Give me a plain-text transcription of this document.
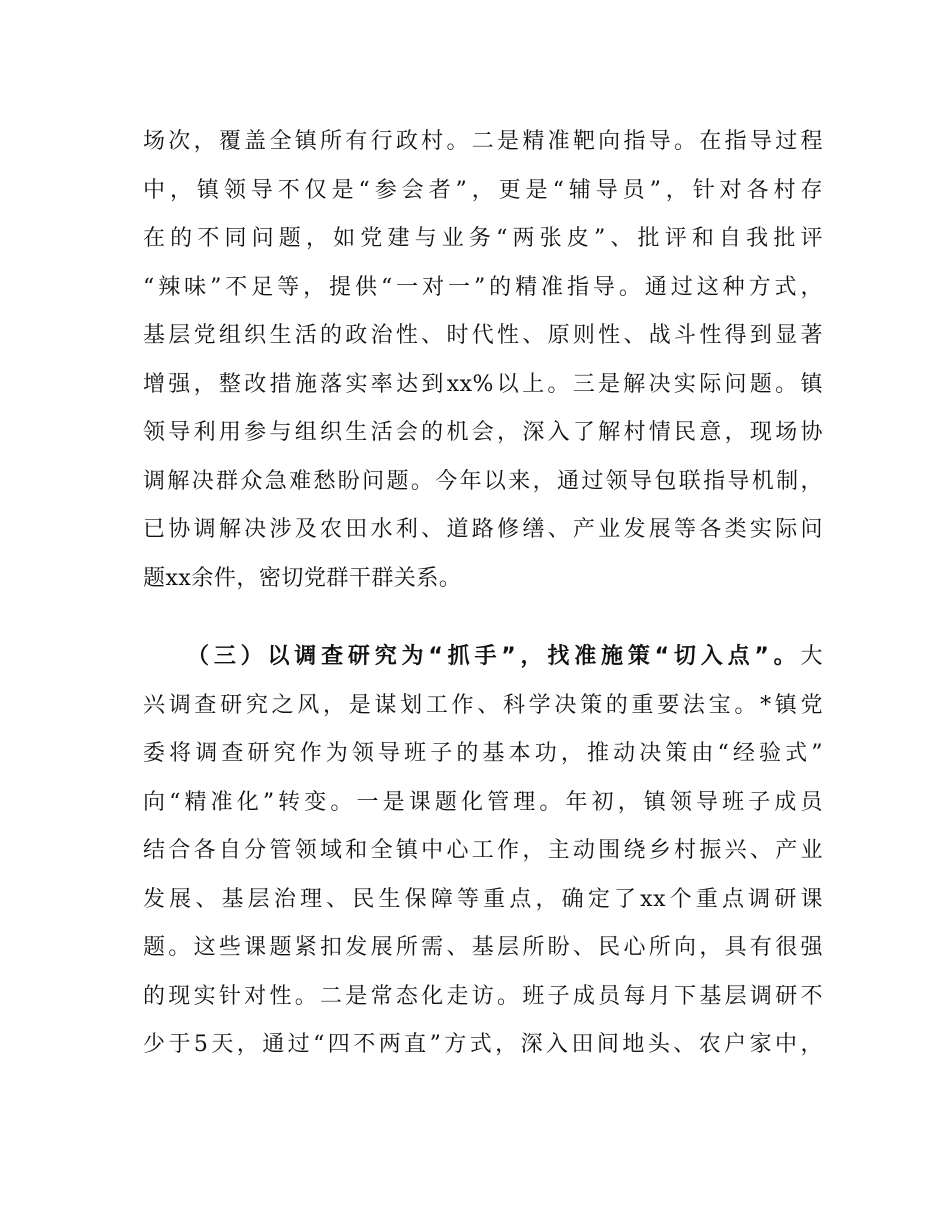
场次，覆盖全镇所有行政村。二是精准靶向指导。在指导过程
中，镇领导不仅是“参会者”，更是“辅导员”，针对各村存
在的不同问题，如党建与业务“两张皮”、批评和自我批评
“辣味”不足等，提供“一对一”的精准指导。通过这种方式，
基层党组织生活的政治性、时代性、原则性、战斗性得到显著
增强，整改措施落实率达到xx%以上。三是解决实际问题。镇
领导利用参与组织生活会的机会，深入了解村情民意，现场协
调解决群众急难愁盼问题。今年以来，通过领导包联指导机制，
已协调解决涉及农田水利、道路修缮、产业发展等各类实际问
题xx余件，密切党群干群关系。
（三）以调查研究为“抓手”，找准施策“切入点”。大
兴调查研究之风，是谋划工作、科学决策的重要法宝。*镇党
委将调查研究作为领导班子的基本功，推动决策由“经验式”
向“精准化”转变。一是课题化管理。年初，镇领导班子成员
结合各自分管领域和全镇中心工作，主动围绕乡村振兴、产业
发展、基层治理、民生保障等重点，确定了xx个重点调研课
题。这些课题紧扣发展所需、基层所盼、民心所向，具有很强
的现实针对性。二是常态化走访。班子成员每月下基层调研不
少于5天，通过“四不两直”方式，深入田间地头、农户家中，
